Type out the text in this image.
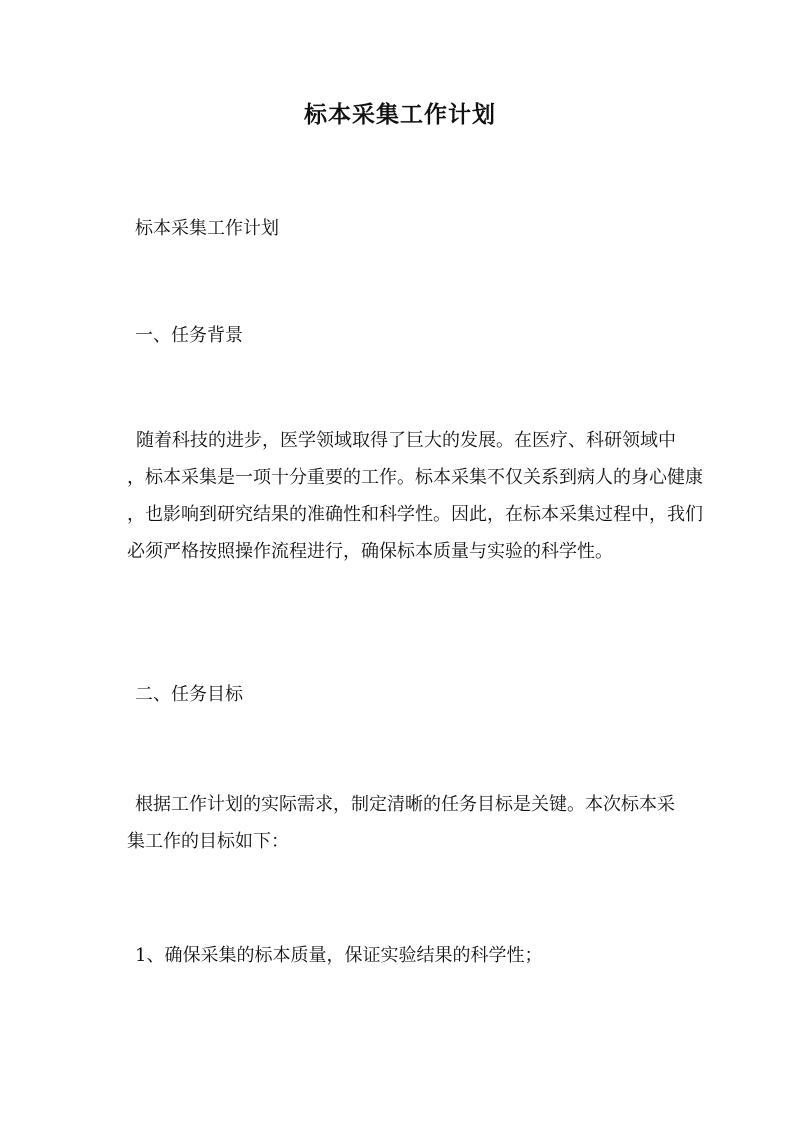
标本采集工作计划
标本采集工作计划
一、任务背景
随着科技的进步，医学领域取得了巨大的发展。在医疗、科研领域中
，标本采集是一项十分重要的工作。标本采集不仅关系到病人的身心健康
，也影响到研究结果的准确性和科学性。因此，在标本采集过程中，我们
必须严格按照操作流程进行，确保标本质量与实验的科学性。
二、任务目标
根据工作计划的实际需求，制定清晰的任务目标是关键。本次标本采
集工作的目标如下：
1、确保采集的标本质量，保证实验结果的科学性；
